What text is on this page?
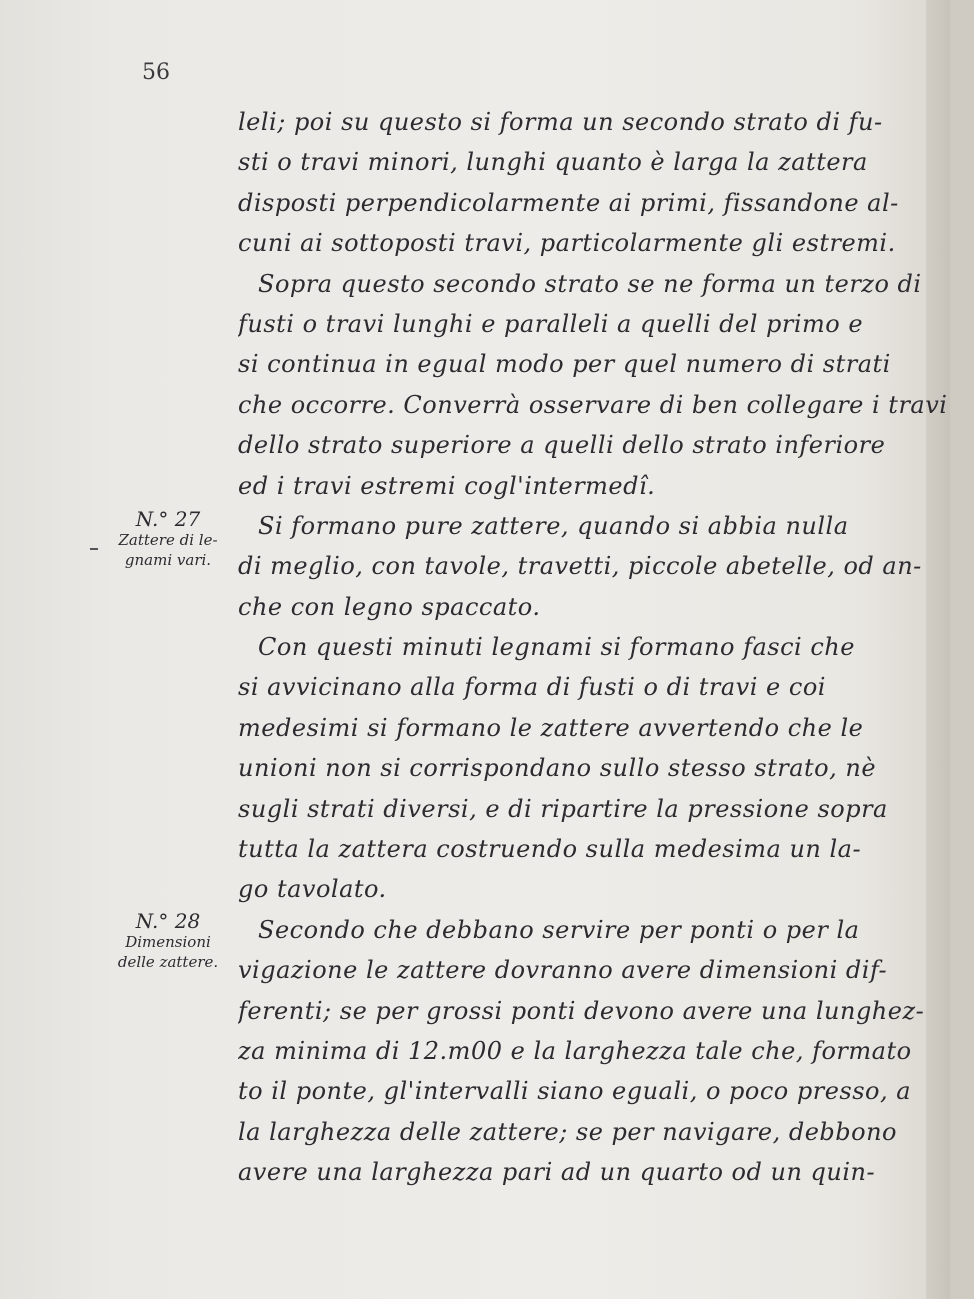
56
N.° 27
Zattere di le-
gnami vari.
N.° 28
Dimensioni
delle zattere.
leli; poi su questo si forma un secondo strato di fu-
sti o travi minori, lunghi quanto è larga la zattera
disposti perpendicolarmente ai primi, fissandone al-
cuni ai sottoposti travi, particolarmente gli estremi.
Sopra questo secondo strato se ne forma un terzo di
fusti o travi lunghi e paralleli a quelli del primo e
si continua in egual modo per quel numero di strati
che occorre. Converrà osservare di ben collegare i travi
dello strato superiore a quelli dello strato inferiore
ed i travi estremi cogl'intermedî.
Si formano pure zattere, quando si abbia nulla
di meglio, con tavole, travetti, piccole abetelle, od an-
che con legno spaccato.
Con questi minuti legnami si formano fasci che
si avvicinano alla forma di fusti o di travi e coi
medesimi si formano le zattere avvertendo che le
unioni non si corrispondano sullo stesso strato, nè
sugli strati diversi, e di ripartire la pressione sopra
tutta la zattera costruendo sulla medesima un la-
go tavolato.
Secondo che debbano servire per ponti o per la
vigazione le zattere dovranno avere dimensioni dif-
ferenti; se per grossi ponti devono avere una lunghez-
za minima di 12.m00 e la larghezza tale che, formato
to il ponte, gl'intervalli siano eguali, o poco presso, a
la larghezza delle zattere; se per navigare, debbono
avere una larghezza pari ad un quarto od un quin-
